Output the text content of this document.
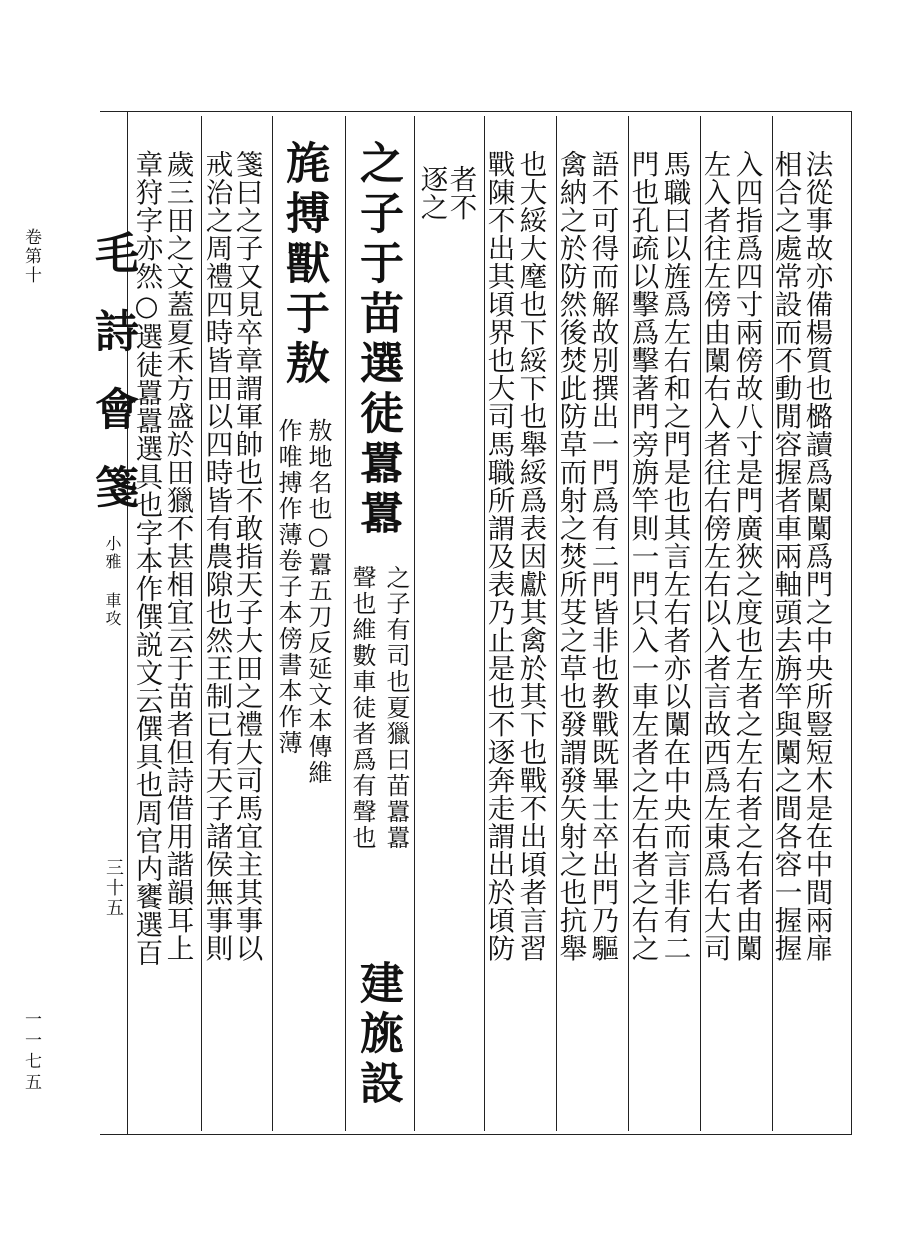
卷第十
一一七五
毛詩會箋
小雅 車攻
三十五	法從事故亦備楊質也㯝讀爲闑闑爲門之中央所豎短木是在中間兩扉
相合之處常設而不動閒容握者車兩軸頭去旃竿與闑之間各容一握握
入四指爲四寸兩傍故八寸是門廣狹之度也左者之左右者之右者由闑
左入者往左傍由闑右入者往右傍左右以入者言故西爲左東爲右大司
馬職曰以旌爲左右和之門是也其言左右者亦以闑在中央而言非有二
門也孔疏以擊爲擊著門旁旃竿則一門只入一車左者之左右者之右之
語不可得而解故別撰出一門爲有二門皆非也教戰既畢士卒出門乃驅
禽納之於防然後焚此防草而射之焚所芟之草也發謂發矢射之也抗舉
也大綏大麾也下綏下也舉綏爲表因獻其禽於其下也戰不出頃者言習
戰陳不出其頃界也大司馬職所謂及表乃止是也不逐奔走謂出於頃防
者不
逐之
之子于苗選徒囂囂
建旐設
旄搏獸于敖
之子有司也夏獵曰苗囂囂
聲也維數車徒者爲有聲也
敖地名也○囂五刀反延文本傳維
作唯搏作薄卷子本傍書本作薄
箋曰之子又見卒章謂軍帥也不敢指天子大田之禮大司馬宜主其事以
戒治之周禮四時皆田以四時皆有農隙也然王制已有天子諸侯無事則
歲三田之文蓋夏禾方盛於田獵不甚相宜云于苗者但詩借用諧韻耳上
章狩字亦然○選徒囂囂選具也字本作僎説文云僎具也周官内饔選百
